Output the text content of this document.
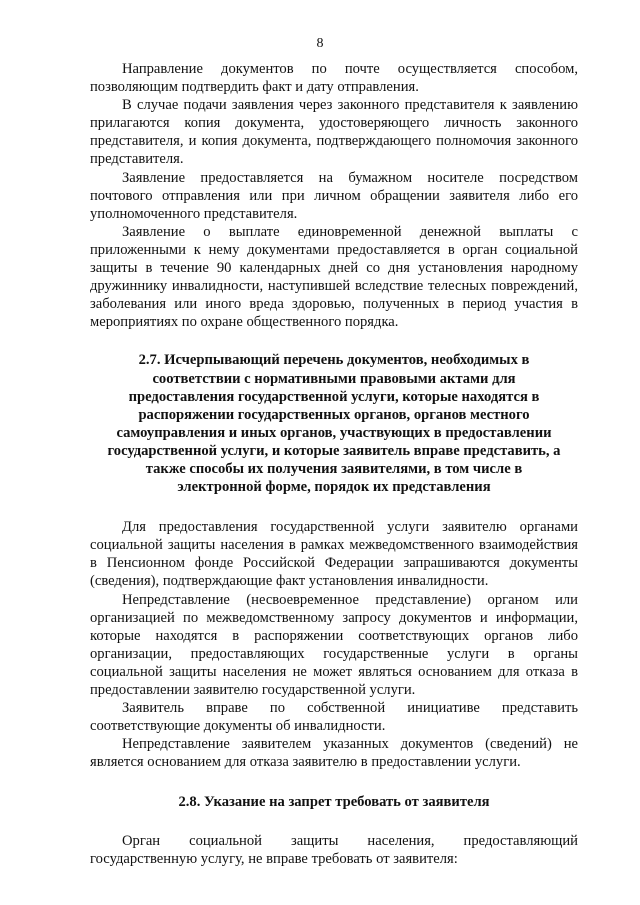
8

Направление документов по почте осуществляется способом, позволяющим подтвердить факт и дату отправления.

В случае подачи заявления через законного представителя к заявлению прилагаются копия документа, удостоверяющего личность законного представителя, и копия документа, подтверждающего полномочия законного представителя.

Заявление предоставляется на бумажном носителе посредством почтового отправления или при личном обращении заявителя либо его уполномоченного представителя.

Заявление о выплате единовременной денежной выплаты с приложенными к нему документами предоставляется в орган социальной защиты в течение 90 календарных дней со дня установления народному дружиннику инвалидности, наступившей вследствие телесных повреждений, заболевания или иного вреда здоровью, полученных в период участия в мероприятиях по охране общественного порядка.

2.7. Исчерпывающий перечень документов, необходимых в соответствии с нормативными правовыми актами для предоставления государственной услуги, которые находятся в распоряжении государственных органов, органов местного самоуправления и иных органов, участвующих в предоставлении государственной услуги, и которые заявитель вправе представить, а также способы их получения заявителями, в том числе в электронной форме, порядок их представления

Для предоставления государственной услуги заявителю органами социальной защиты населения в рамках межведомственного взаимодействия в Пенсионном фонде Российской Федерации запрашиваются документы (сведения), подтверждающие факт установления инвалидности.

Непредставление (несвоевременное представление) органом или организацией по межведомственному запросу документов и информации, которые находятся в распоряжении соответствующих органов либо организации, предоставляющих государственные услуги в органы социальной защиты населения не может являться основанием для отказа в предоставлении заявителю государственной услуги.

Заявитель вправе по собственной инициативе представить соответствующие документы об инвалидности.

Непредставление заявителем указанных документов (сведений) не является основанием для отказа заявителю в предоставлении услуги.

2.8. Указание на запрет требовать от заявителя

Орган социальной защиты населения, предоставляющий государственную услугу, не вправе требовать от заявителя:
